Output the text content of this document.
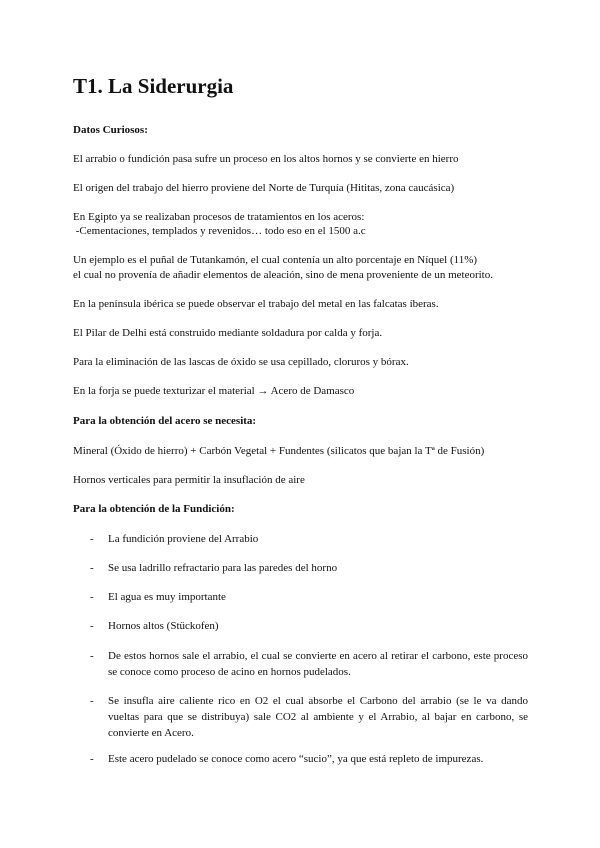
T1. La Siderurgia

Datos Curiosos:

El arrabio o fundición pasa sufre un proceso en los altos hornos y se convierte en hierro

El origen del trabajo del hierro proviene del Norte de Turquía (Hititas, zona caucásica)

En Egipto ya se realizaban procesos de tratamientos en los aceros:

-Cementaciones, templados y revenidos… todo eso en el 1500 a.c

Un ejemplo es el puñal de Tutankamón, el cual contenía un alto porcentaje en Níquel (11%)

el cual no provenía de añadir elementos de aleación, sino de mena proveniente de un meteorito.

En la península ibérica se puede observar el trabajo del metal en las falcatas íberas.

El Pilar de Delhi está construido mediante soldadura por calda y forja.

Para la eliminación de las lascas de óxido se usa cepillado, cloruros y bórax.

En la forja se puede texturizar el material → Acero de Damasco

Para la obtención del acero se necesita:

Mineral (Óxido de hierro) + Carbón Vegetal + Fundentes (silicatos que bajan la Tª de Fusión)

Hornos verticales para permitir la insuflación de aire

Para la obtención de la Fundición:

- La fundición proviene del Arrabio

- Se usa ladrillo refractario para las paredes del horno

- El agua es muy importante

- Hornos altos (Stückofen)

- De estos hornos sale el arrabio, el cual se convierte en acero al retirar el carbono, este proceso se conoce como proceso de acino en hornos pudelados.

- Se insufla aire caliente rico en O2 el cual absorbe el Carbono del arrabio (se le va dando vueltas para que se distribuya) sale CO2 al ambiente y el Arrabio, al bajar en carbono, se convierte en Acero.

- Este acero pudelado se conoce como acero “sucio”, ya que está repleto de impurezas.
